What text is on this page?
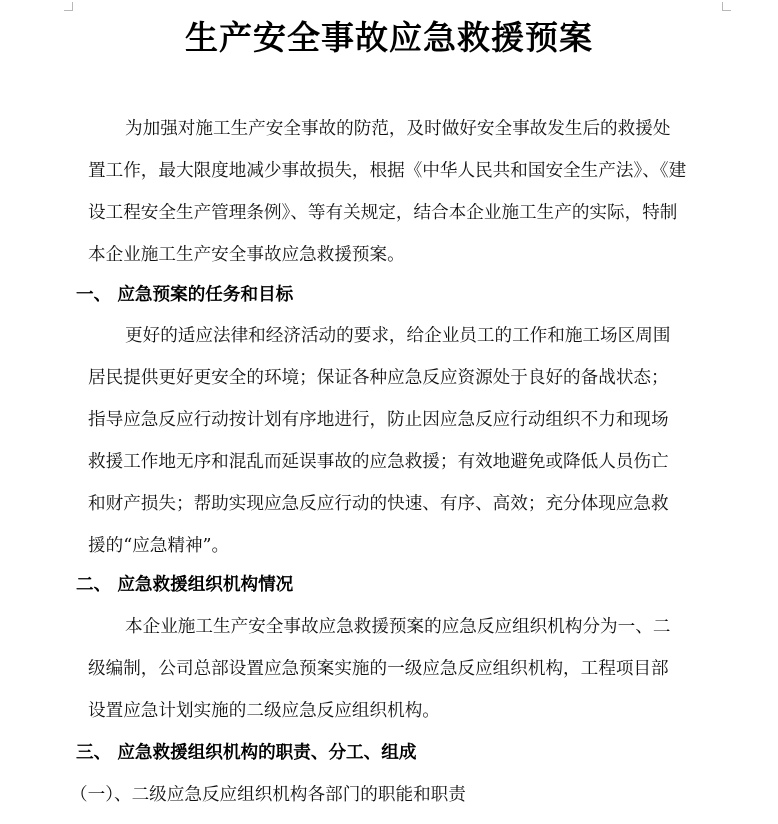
生产安全事故应急救援预案
为加强对施工生产安全事故的防范，及时做好安全事故发生后的救援处
置工作，最大限度地减少事故损失，根据《中华人民共和国安全生产法》、《建
设工程安全生产管理条例》、等有关规定，结合本企业施工生产的实际，特制
本企业施工生产安全事故应急救援预案。
一、 应急预案的任务和目标
更好的适应法律和经济活动的要求，给企业员工的工作和施工场区周围
居民提供更好更安全的环境；保证各种应急反应资源处于良好的备战状态；
指导应急反应行动按计划有序地进行，防止因应急反应行动组织不力和现场
救援工作地无序和混乱而延误事故的应急救援；有效地避免或降低人员伤亡
和财产损失；帮助实现应急反应行动的快速、有序、高效；充分体现应急救
援的“应急精神”。
二、 应急救援组织机构情况
本企业施工生产安全事故应急救援预案的应急反应组织机构分为一、二
级编制，公司总部设置应急预案实施的一级应急反应组织机构，工程项目部
设置应急计划实施的二级应急反应组织机构。
三、 应急救援组织机构的职责、分工、组成
（一）、二级应急反应组织机构各部门的职能和职责
